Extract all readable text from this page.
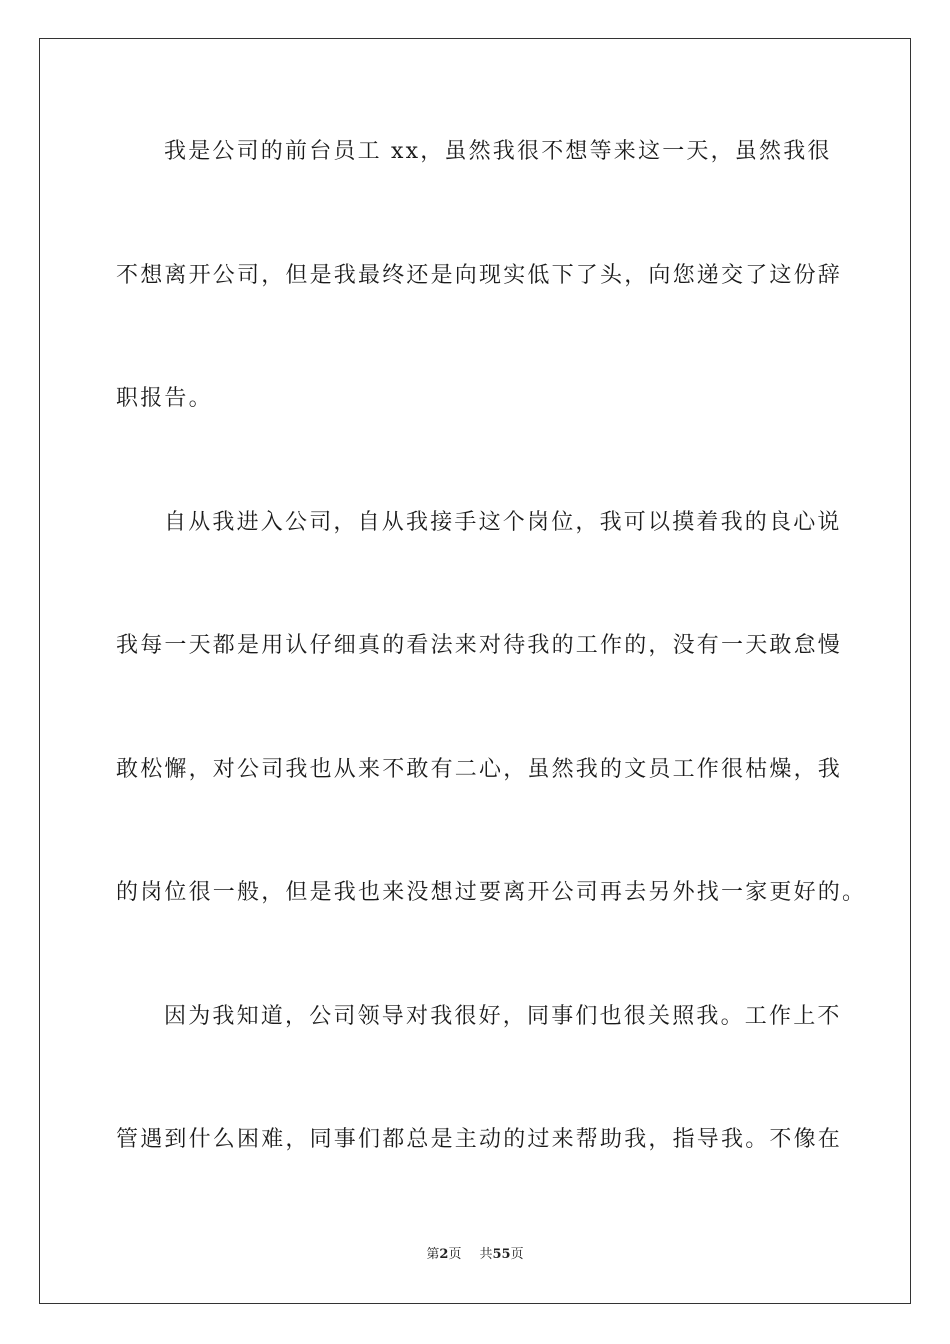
我是公司的前台员工 xx，虽然我很不想等来这一天，虽然我很
不想离开公司，但是我最终还是向现实低下了头，向您递交了这份辞
职报告。
自从我进入公司，自从我接手这个岗位，我可以摸着我的良心说
我每一天都是用认仔细真的看法来对待我的工作的，没有一天敢怠慢
敢松懈，对公司我也从来不敢有二心，虽然我的文员工作很枯燥，我
的岗位很一般，但是我也来没想过要离开公司再去另外找一家更好的。
因为我知道，公司领导对我很好，同事们也很关照我。工作上不
管遇到什么困难，同事们都总是主动的过来帮助我，指导我。不像在
第2页 共55页
